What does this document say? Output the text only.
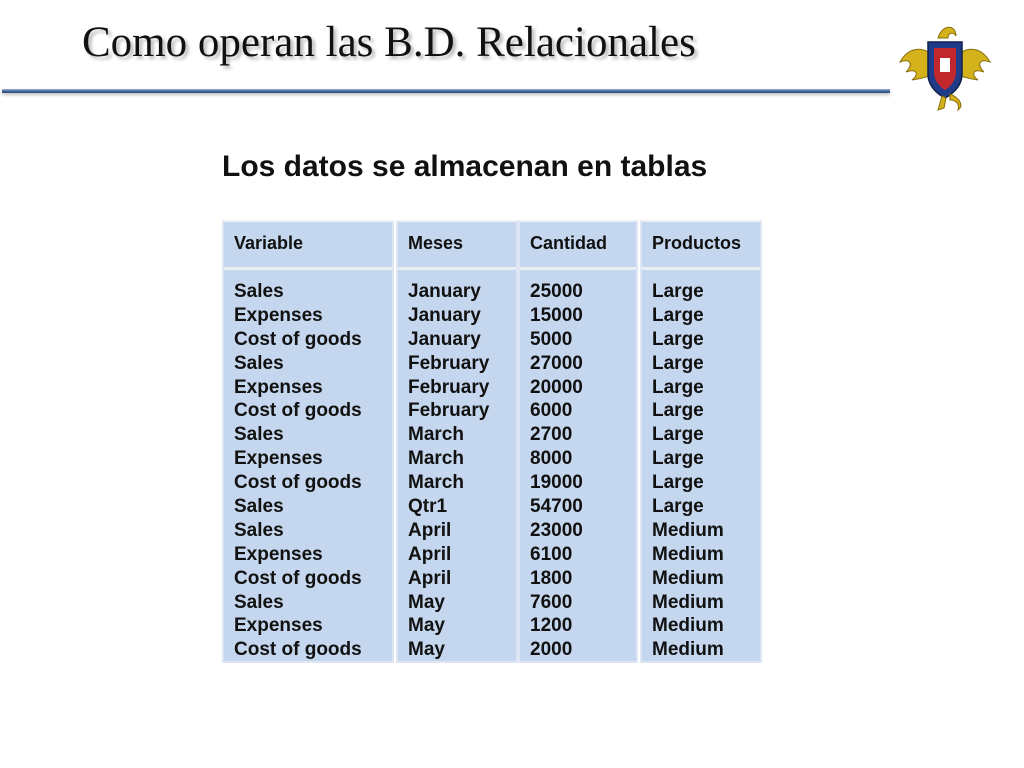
Como operan las B.D. Relacionales
Los datos se almacenan en tablas
Variable
Sales
Expenses
Cost of goods
Sales
Expenses
Cost of goods
Sales
Expenses
Cost of goods
Sales
Sales
Expenses
Cost of goods
Sales
Expenses
Cost of goods
Meses
January
January
January
February
February
February
March
March
March
Qtr1
April
April
April
May
May
May
Cantidad
25000
15000
5000
27000
20000
6000
2700
8000
19000
54700
23000
6100
1800
7600
1200
2000
Productos
Large
Large
Large
Large
Large
Large
Large
Large
Large
Large
Medium
Medium
Medium
Medium
Medium
Medium
